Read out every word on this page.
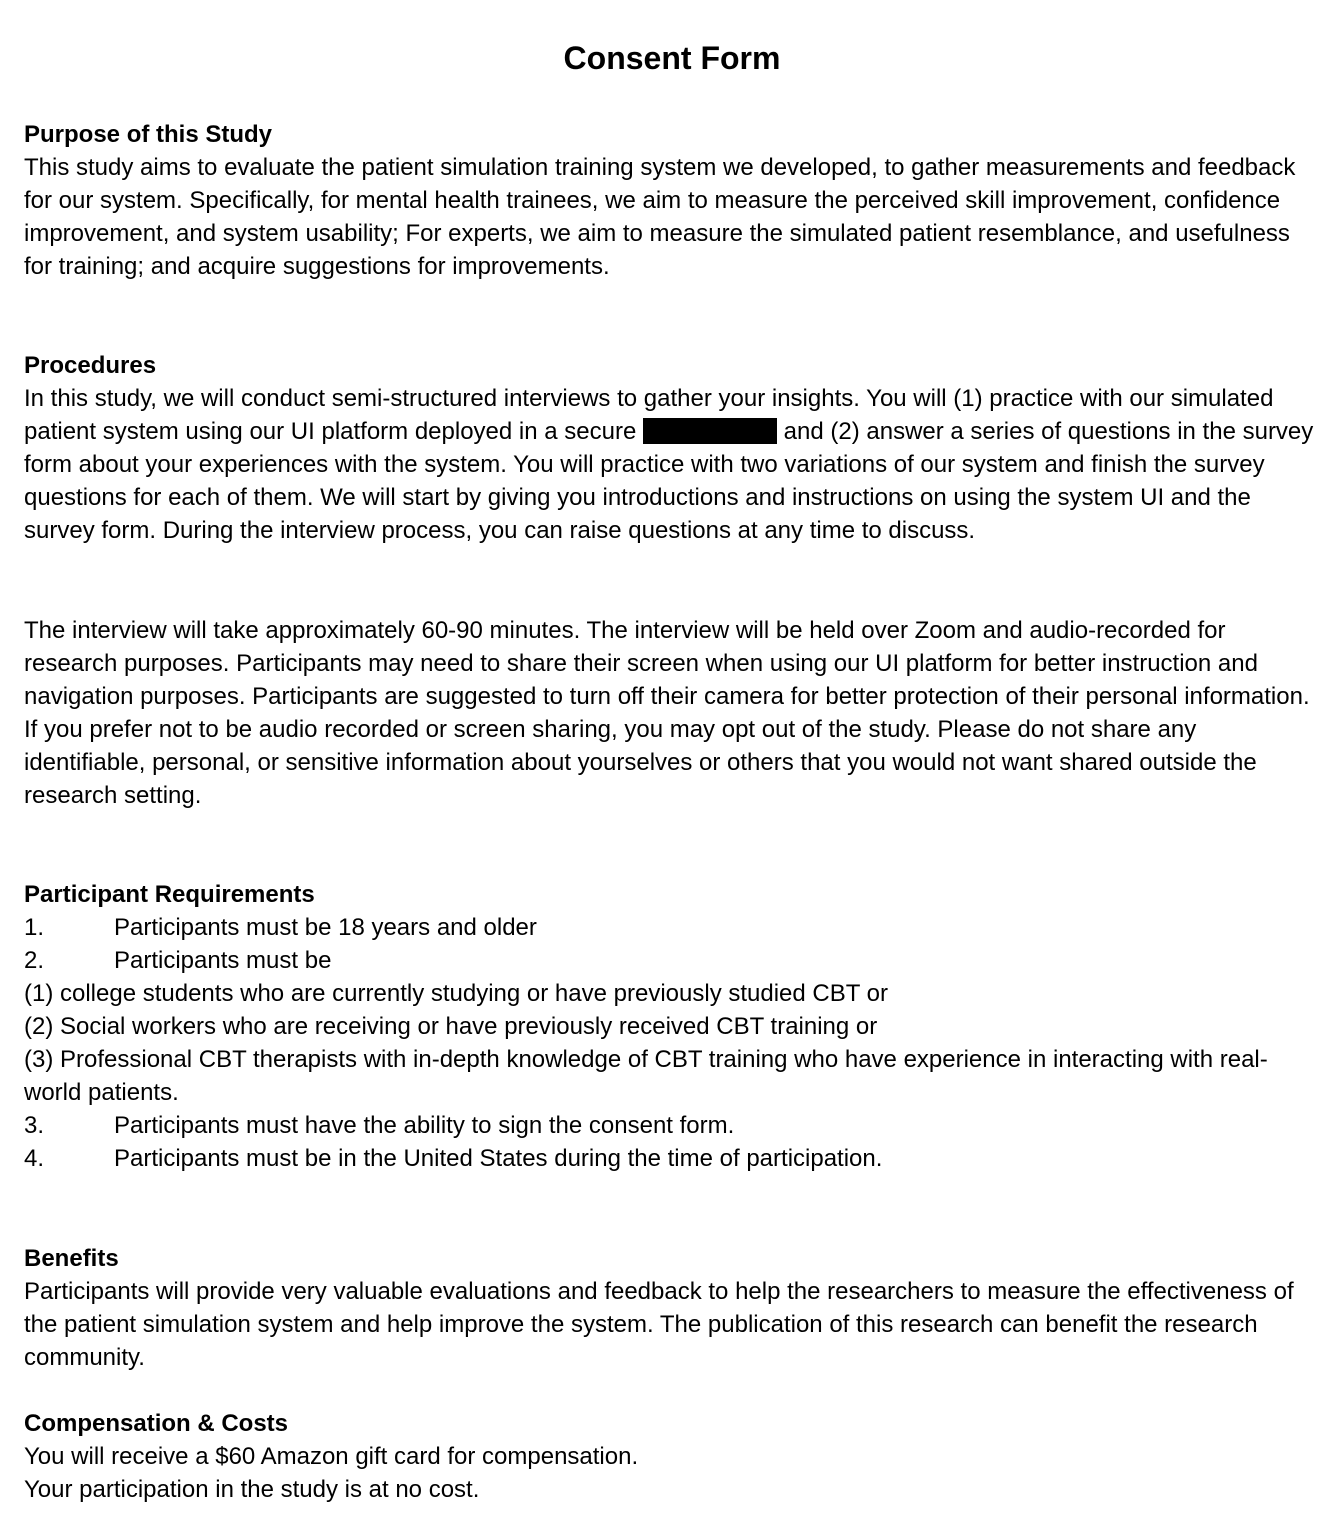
Consent Form

Purpose of this Study

This study aims to evaluate the patient simulation training system we developed, to gather measurements and feedback for our system. Specifically, for mental health trainees, we aim to measure the perceived skill improvement, confidence improvement, and system usability; For experts, we aim to measure the simulated patient resemblance, and usefulness for training; and acquire suggestions for improvements.

Procedures

In this study, we will conduct semi-structured interviews to gather your insights. You will (1) practice with our simulated patient system using our UI platform deployed in a secure	and (2) answer a series of questions in the survey form about your experiences with the system. You will practice with two variations of our system and finish the survey questions for each of them. We will start by giving you introductions and instructions on using the system UI and the survey form. During the interview process, you can raise questions at any time to discuss.

The interview will take approximately 60-90 minutes. The interview will be held over Zoom and audio-recorded for research purposes. Participants may need to share their screen when using our UI platform for better instruction and navigation purposes. Participants are suggested to turn off their camera for better protection of their personal information. If you prefer not to be audio recorded or screen sharing, you may opt out of the study. Please do not share any identifiable, personal, or sensitive information about yourselves or others that you would not want shared outside the research setting.

Participant Requirements

1.	Participants must be 18 years and older
2.	Participants must be

(1) college students who are currently studying or have previously studied CBT or

(2) Social workers who are receiving or have previously received CBT training or

(3) Professional CBT therapists with in-depth knowledge of CBT training who have experience in interacting with real-world patients.

3.	Participants must have the ability to sign the consent form.
4.	Participants must be in the United States during the time of participation.

Benefits

Participants will provide very valuable evaluations and feedback to help the researchers to measure the effectiveness of the patient simulation system and help improve the system. The publication of this research can benefit the research community.

Compensation & Costs

You will receive a $60 Amazon gift card for compensation.

Your participation in the study is at no cost.
